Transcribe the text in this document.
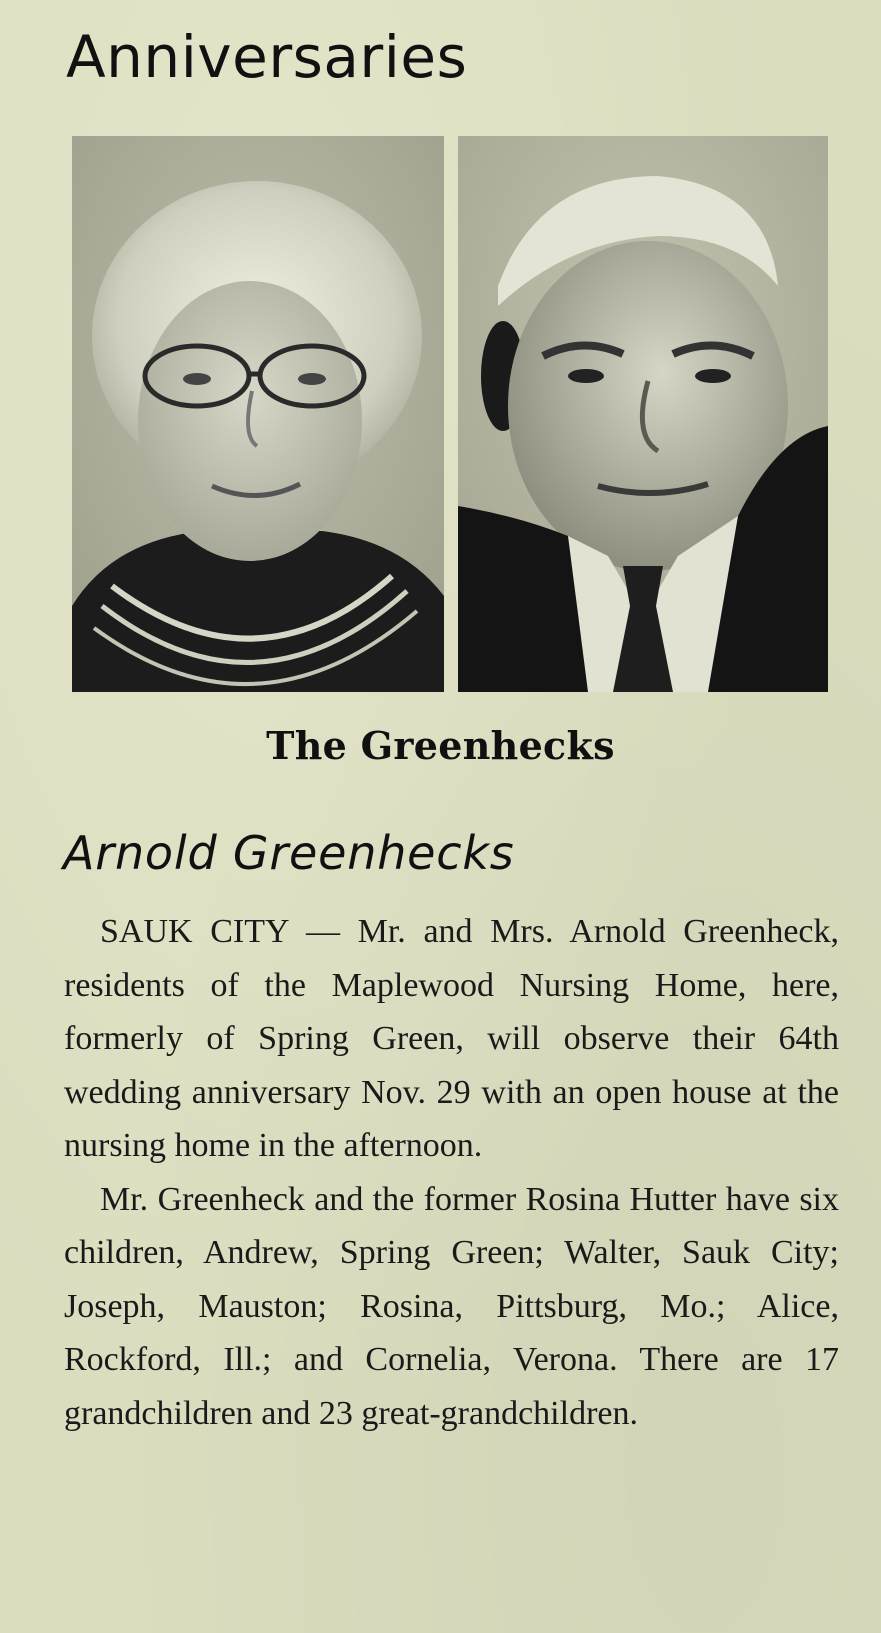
Anniversaries
The Greenhecks
Arnold Greenhecks

SAUK CITY — Mr. and Mrs. Arnold Greenheck, residents of the Maplewood Nursing Home, here, formerly of Spring Green, will observe their 64th wedding anniversary Nov. 29 with an open house at the nursing home in the afternoon.

Mr. Greenheck and the former Rosina Hutter have six children, Andrew, Spring Green; Walter, Sauk City; Joseph, Mauston; Rosina, Pittsburg, Mo.; Alice, Rockford, Ill.; and Cornelia, Verona. There are 17 grandchildren and 23 great-grandchildren.
